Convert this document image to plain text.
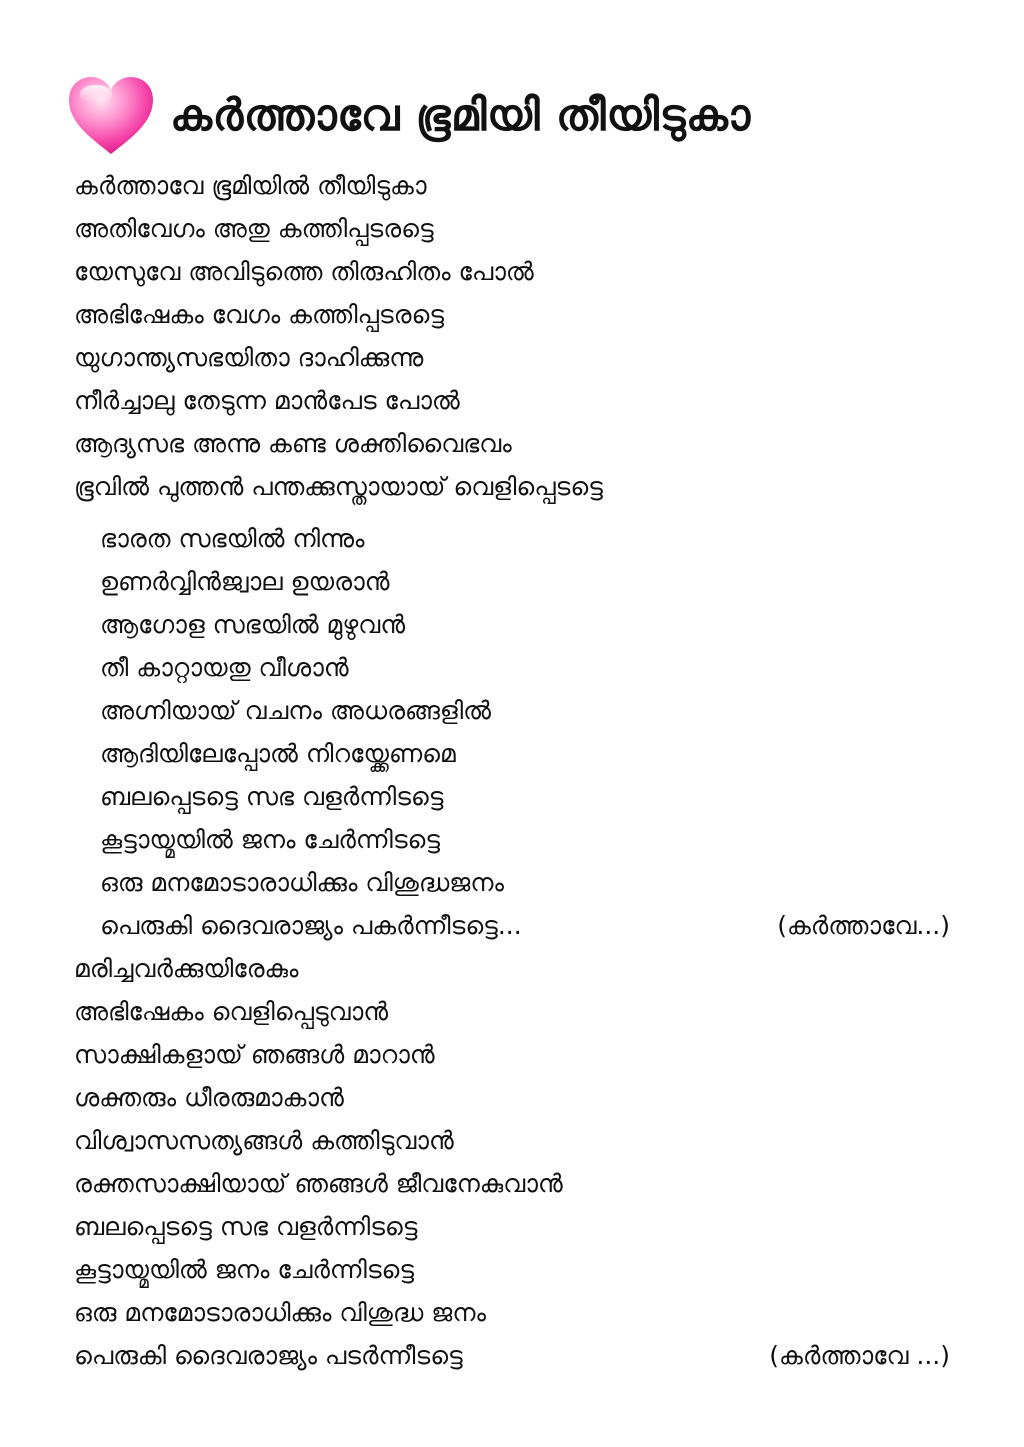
കർത്താവേ ഭൂമിയി തീയിടുകാ
കർത്താവേ ഭൂമിയിൽ തീയിടുകാ
അതിവേഗം അതു കത്തിപ്പടരട്ടെ
യേസുവേ അവിടുത്തെ തിരുഹിതം പോൽ
അഭിഷേകം വേഗം കത്തിപ്പടരട്ടെ
യുഗാന്ത്യസഭയിതാ ദാഹിക്കുന്നു
നീർച്ചാലു തേടുന്ന മാൻപേട പോൽ
ആദ്യസഭ അന്നു കണ്ട ശക്തിവൈഭവം
ഭൂവിൽ പുത്തൻ പന്തക്കുസ്തായായ് വെളിപ്പെടട്ടെ
ഭാരത സഭയിൽ നിന്നും
ഉണർവ്വിൻജ്വാല ഉയരാൻ
ആഗോള സഭയിൽ മുഴുവൻ
തീ കാറ്റായതു വീശാൻ
അഗ്നിയായ് വചനം അധരങ്ങളിൽ
ആദിയിലേപ്പോൽ നിറയ്ക്കേണമെ
ബലപ്പെടട്ടെ സഭ വളർന്നിടട്ടെ
കൂട്ടായ്മയിൽ ജനം ചേർന്നിടട്ടെ
ഒരു മനമോടാരാധിക്കും വിശുദ്ധജനം
പെരുകി ദൈവരാജ്യം പകർന്നീടട്ടെ...	(കർത്താവേ...)
മരിച്ചവർക്കുയിരേകും
അഭിഷേകം വെളിപ്പെടുവാൻ
സാക്ഷികളായ് ഞങ്ങൾ മാറാൻ
ശക്തരും ധീരരുമാകാൻ
വിശ്വാസസത്യങ്ങൾ കത്തിടുവാൻ
രക്തസാക്ഷിയായ് ഞങ്ങൾ ജീവനേകുവാൻ
ബലപ്പെടട്ടെ സഭ വളർന്നിടട്ടെ
കൂട്ടായ്മയിൽ ജനം ചേർന്നിടട്ടെ
ഒരു മനമോടാരാധിക്കും വിശുദ്ധ ജനം
പെരുകി ദൈവരാജ്യം പടർന്നീടട്ടെ	(കർത്താവേ ...)
